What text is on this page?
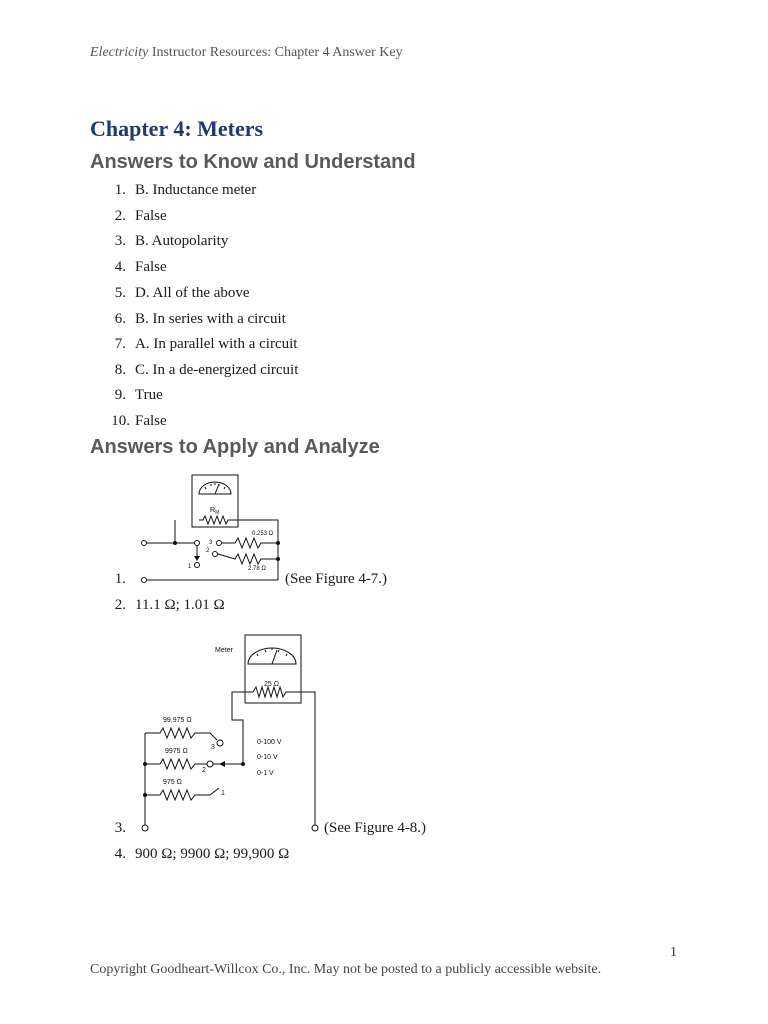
Electricity Instructor Resources: Chapter 4 Answer Key
Chapter 4: Meters
Answers to Know and Understand
1. B. Inductance meter
2. False
3. B. Autopolarity
4. False
5. D. All of the above
6. B. In series with a circuit
7. A. In parallel with a circuit
8. C. In a de-energized circuit
9. True
10. False
Answers to Apply and Analyze
$R_M$
0.253 Ω
2.78 Ω
3
2
1
1.	(See Figure 4-7.)
2. 11.1 Ω; 1.01 Ω
Meter
25 Ω
99,975 Ω
9975 Ω
975 Ω
3
2
1
0-100 V
0-10 V
0-1 V
3.	(See Figure 4-8.)
4. 900 Ω; 9900 Ω; 99,900 Ω
1
Copyright Goodheart-Willcox Co., Inc. May not be posted to a publicly accessible website.
